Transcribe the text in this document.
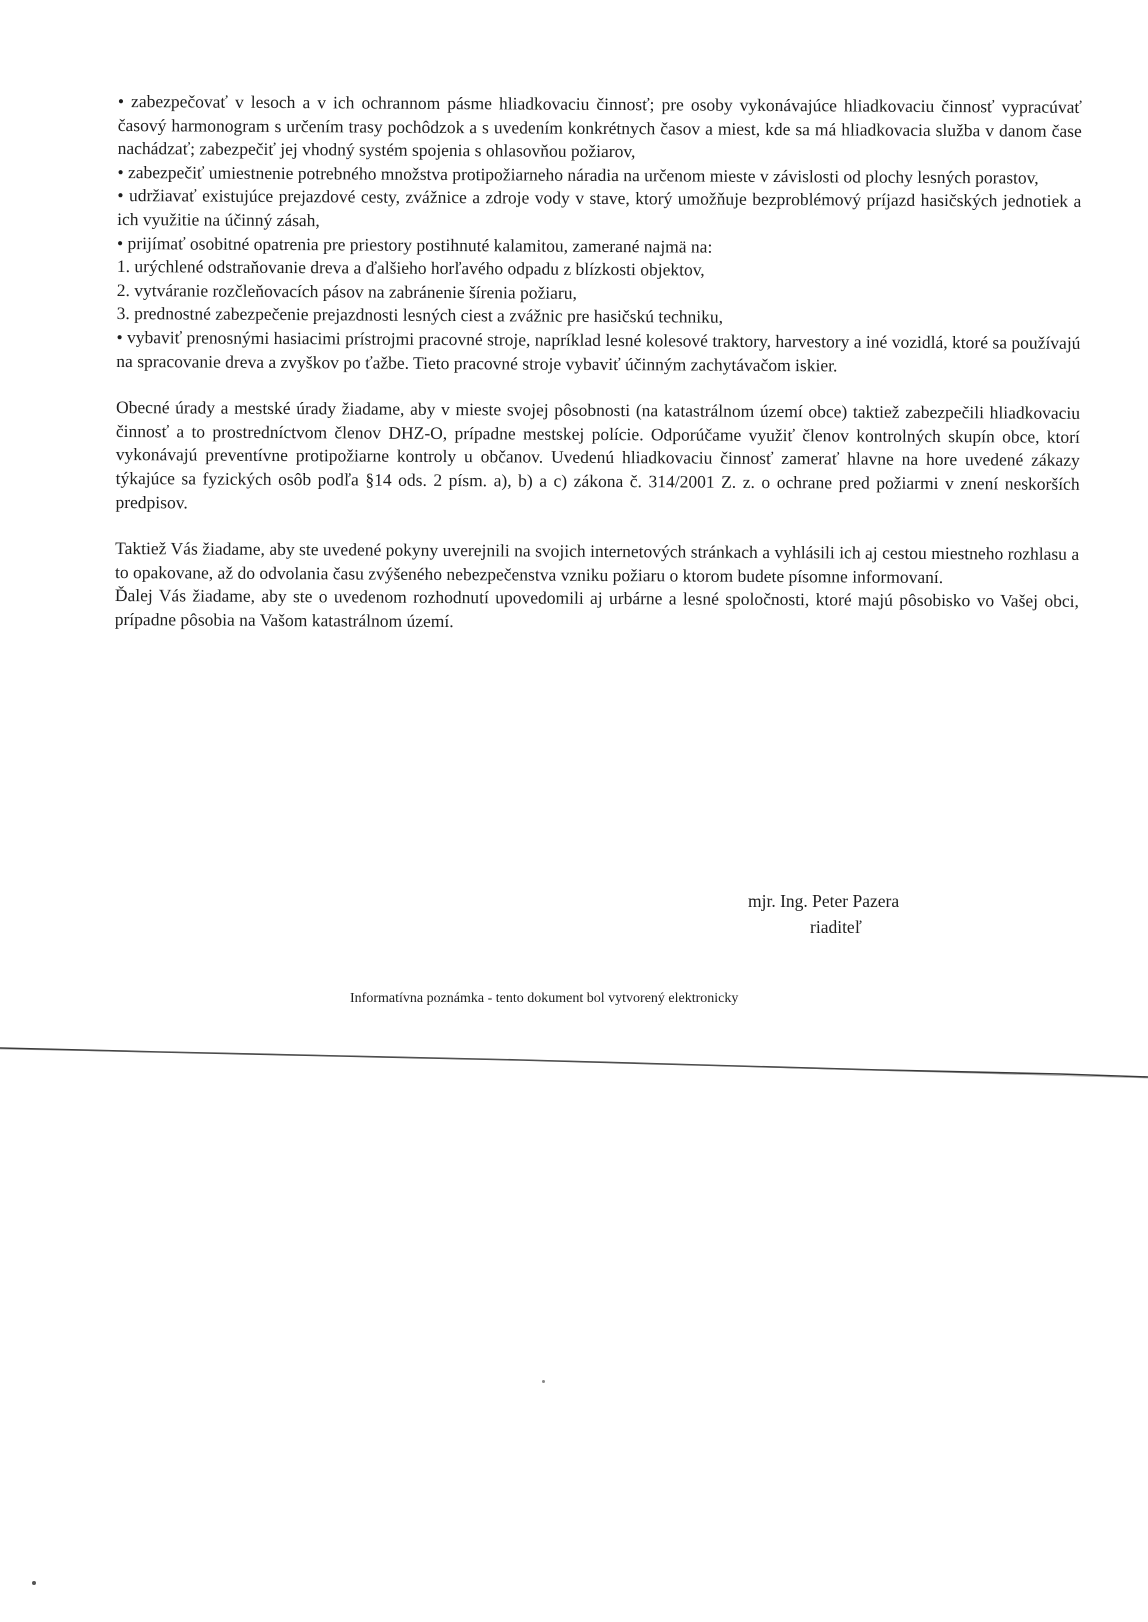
• zabezpečovať v lesoch a v ich ochrannom pásme hliadkovaciu činnosť; pre osoby vykonávajúce hliadkovaciu činnosť vypracúvať časový harmonogram s určením trasy pochôdzok a s uvedením konkrétnych časov a miest, kde sa má hliadkovacia služba v danom čase nachádzať; zabezpečiť jej vhodný systém spojenia s ohlasovňou požiarov,

• zabezpečiť umiestnenie potrebného množstva protipožiarneho náradia na určenom mieste v závislosti od plochy lesných porastov,

• udržiavať existujúce prejazdové cesty, zvážnice a zdroje vody v stave, ktorý umožňuje bezproblémový príjazd hasičských jednotiek a ich využitie na účinný zásah,

• prijímať osobitné opatrenia pre priestory postihnuté kalamitou, zamerané najmä na:

1. urýchlené odstraňovanie dreva a ďalšieho horľavého odpadu z blízkosti objektov,

2. vytváranie rozčleňovacích pásov na zabránenie šírenia požiaru,

3. prednostné zabezpečenie prejazdnosti lesných ciest a zvážnic pre hasičskú techniku,

• vybaviť prenosnými hasiacimi prístrojmi pracovné stroje, napríklad lesné kolesové traktory, harvestory a iné vozidlá, ktoré sa používajú na spracovanie dreva a zvyškov po ťažbe. Tieto pracovné stroje vybaviť účinným zachytávačom iskier.

Obecné úrady a mestské úrady žiadame, aby v mieste svojej pôsobnosti (na katastrálnom území obce) taktiež zabezpečili hliadkovaciu činnosť a to prostredníctvom členov DHZ-O, prípadne mestskej polície. Odporúčame využiť členov kontrolných skupín obce, ktorí vykonávajú preventívne protipožiarne kontroly u občanov. Uvedenú hliadkovaciu činnosť zamerať hlavne na hore uvedené zákazy týkajúce sa fyzických osôb podľa §14 ods. 2 písm. a), b) a c) zákona č. 314/2001 Z. z. o ochrane pred požiarmi v znení neskorších predpisov.

Taktiež Vás žiadame, aby ste uvedené pokyny uverejnili na svojich internetových stránkach a vyhlásili ich aj cestou miestneho rozhlasu a to opakovane, až do odvolania času zvýšeného nebezpečenstva vzniku požiaru o ktorom budete písomne informovaní.

Ďalej Vás žiadame, aby ste o uvedenom rozhodnutí upovedomili aj urbárne a lesné spoločnosti, ktoré majú pôsobisko vo Vašej obci, prípadne pôsobia na Vašom katastrálnom území.

mjr. Ing. Peter Pazera
riaditeľ
Informatívna poznámka - tento dokument bol vytvorený elektronicky
